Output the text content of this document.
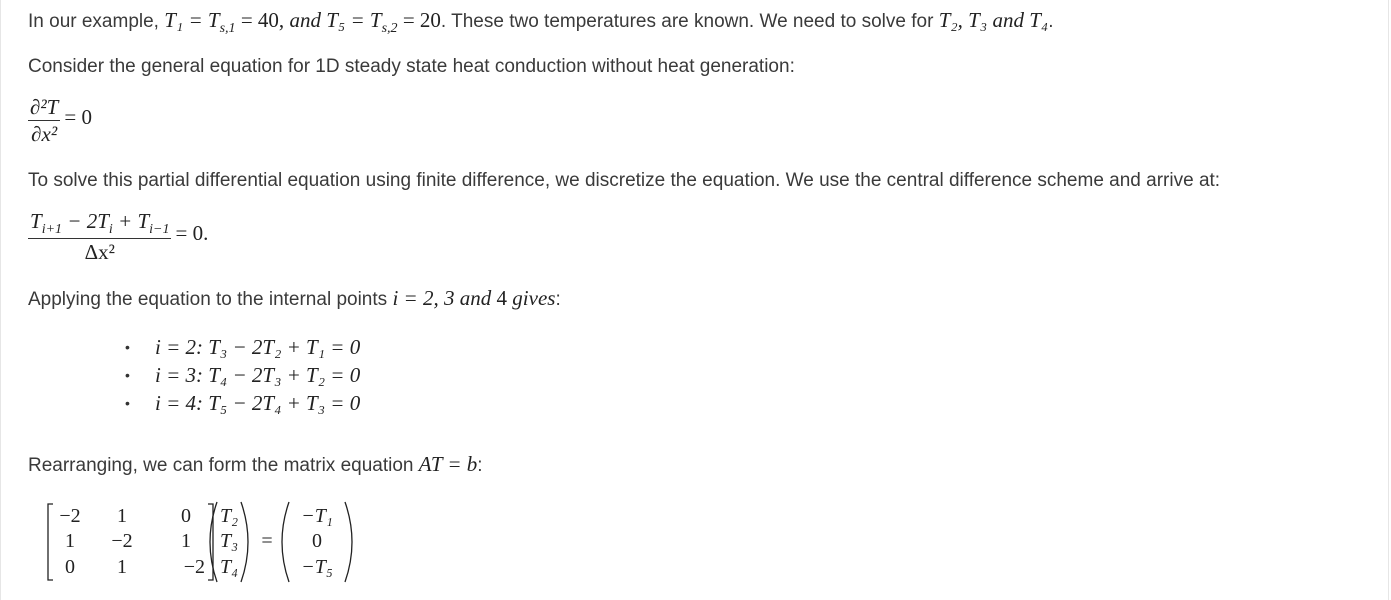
In our example, $T_1 = T_{s,1} = 40$, and $T_5 = T_{s,2} = 20$. These two temperatures are known. We need to solve for T₂, T₃ and T₄.
Consider the general equation for 1D steady state heat conduction without heat generation:
$\frac{\text{∂²T}}{\text{∂x²}} = 0$
To solve this partial differential equation using finite difference, we discretize the equation. We use the central difference scheme and arrive at:
$\frac{T_{i+1} - 2T_i + T_{i-1}}{\text{Δx²}} = 0$.
Applying the equation to the internal points i = 2, 3 and 4 gives:
• i = 2: T₃ − 2T₂ + T₁ = 0
• i = 3: T₄ − 2T₃ + T₂ = 0
• i = 4: T₅ − 2T₄ + T₃ = 0
Rearranging, we can form the matrix equation AT = b:
−2	1	0
1	−2	1
0	1	−2
T₂
T₃
T₄
=
−T₁
0
−T₅
